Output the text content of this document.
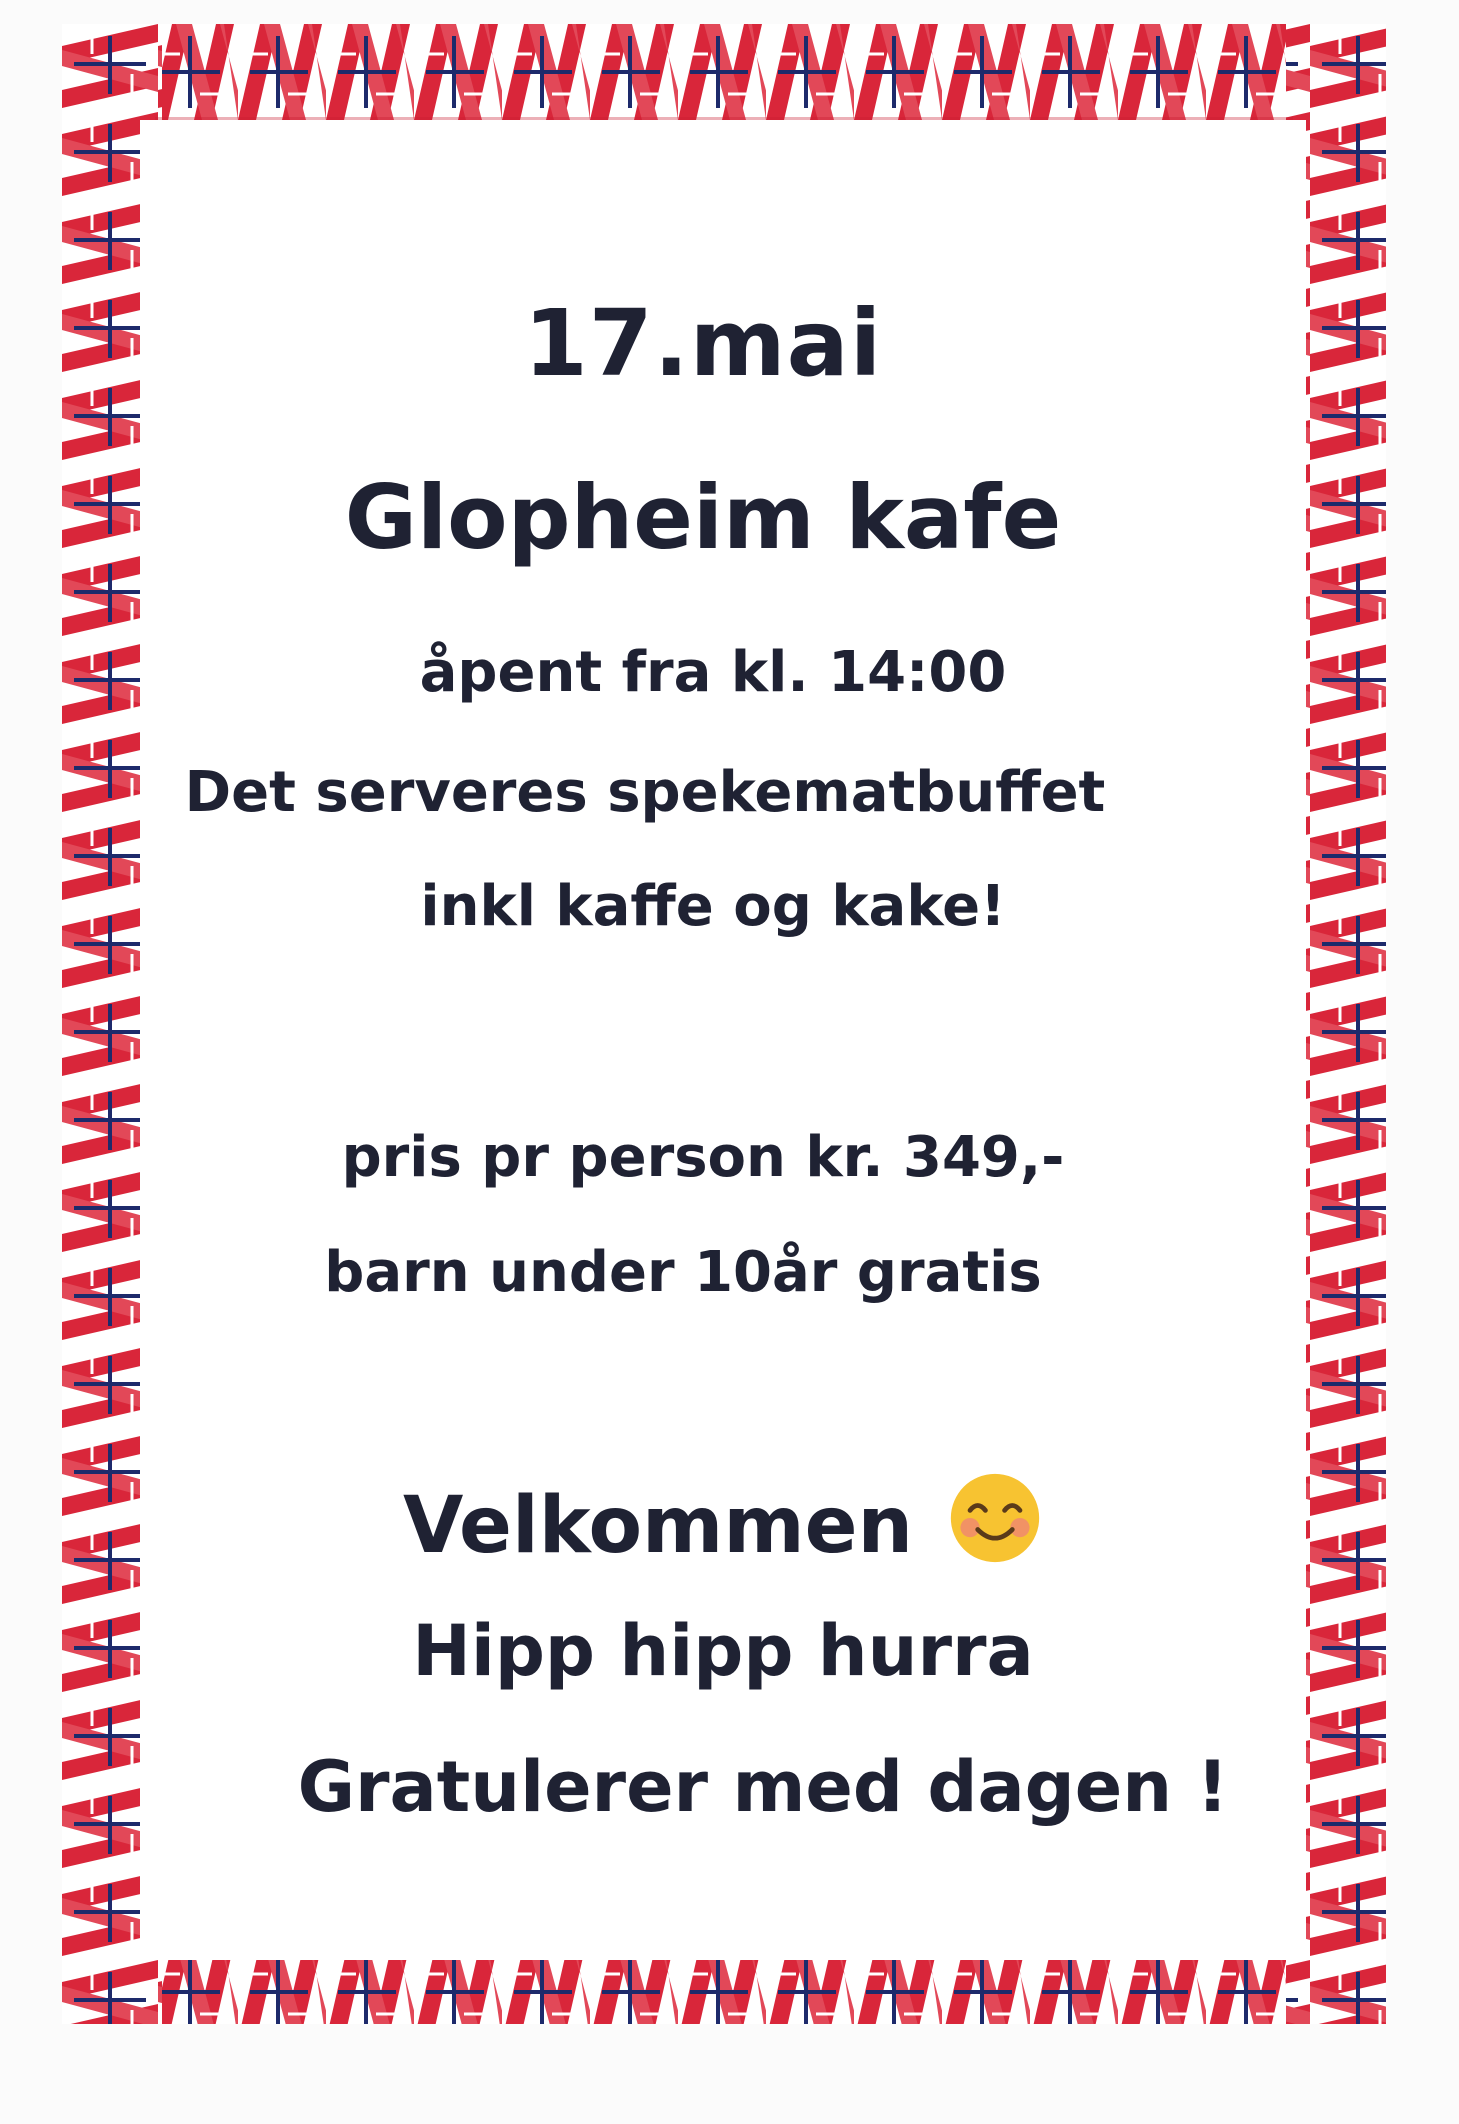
17.mai
Glopheim kafe
åpent fra kl. 14:00
Det serveres spekematbuffet
inkl kaffe og kake!
pris pr person kr. 349,-
barn under 10år gratis
Velkommen
Hipp hipp hurra
Gratulerer med dagen !
